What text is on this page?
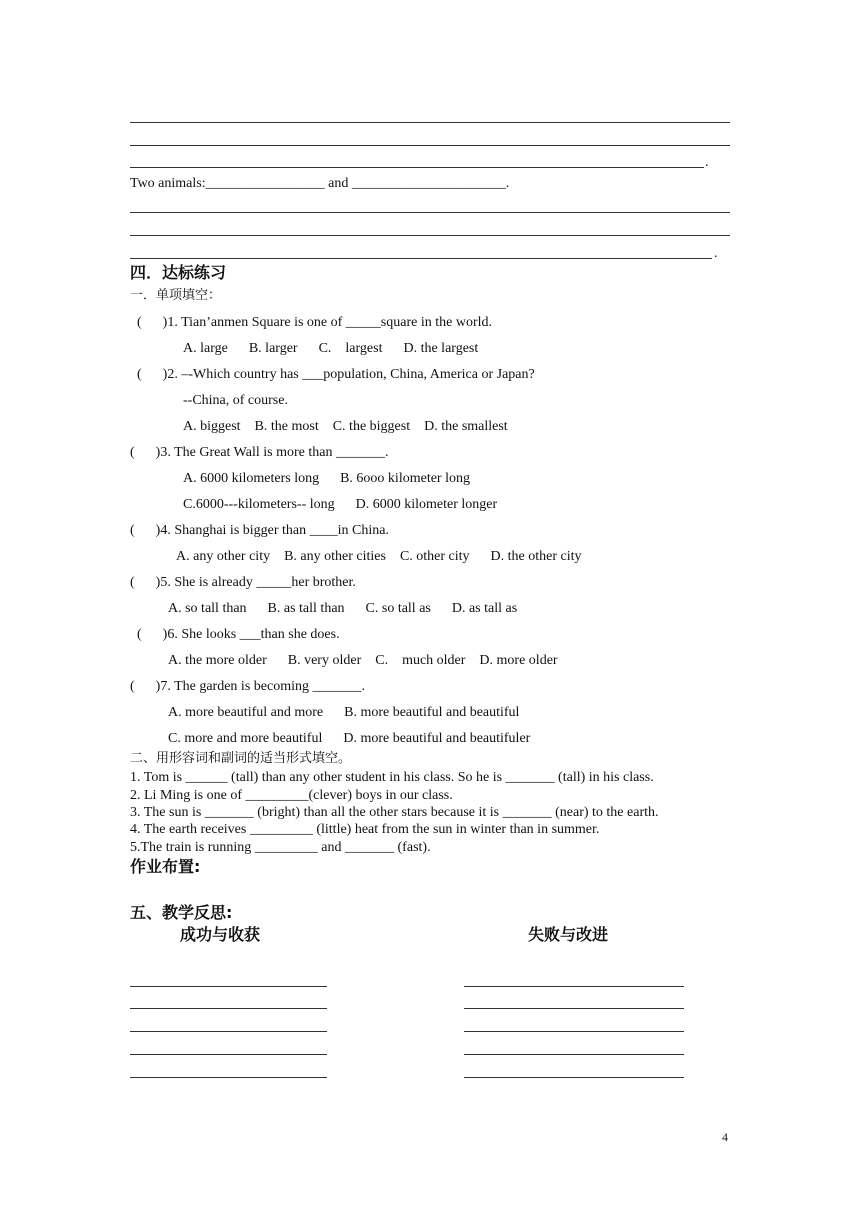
.
Two animals:_________________ and ______________________.
.
四．达标练习
一．单项填空：
(      )1. Tian’anmen Square is one of _____square in the world.
A. large      B. larger      C.    largest      D. the largest
(      )2. –-Which country has ___population, China, America or Japan?
--China, of course.
A. biggest    B. the most    C. the biggest    D. the smallest
(      )3. The Great Wall is more than _______.
A. 6000 kilometers long      B. 6ooo kilometer long
C.6000---kilometers-- long      D. 6000 kilometer longer
(      )4. Shanghai is bigger than ____in China.
A. any other city    B. any other cities    C. other city      D. the other city
(      )5. She is already _____her brother.
A. so tall than      B. as tall than      C. so tall as      D. as tall as
(      )6. She looks ___than she does.
A. the more older      B. very older    C.    much older    D. more older
(      )7. The garden is becoming _______.
A. more beautiful and more      B. more beautiful and beautiful
C. more and more beautiful      D. more beautiful and beautifuler
二、用形容词和副词的适当形式填空。
1. Tom is ______ (tall) than any other student in his class. So he is _______ (tall) in his class.
2. Li Ming is one of _________(clever) boys in our class.
3. The sun is _______ (bright) than all the other stars because it is _______ (near) to the earth.
4. The earth receives _________ (little) heat from the sun in winter than in summer.
5.The train is running _________ and _______ (fast).
作业布置:
五、教学反思:
成功与收获	失败与改进
4
